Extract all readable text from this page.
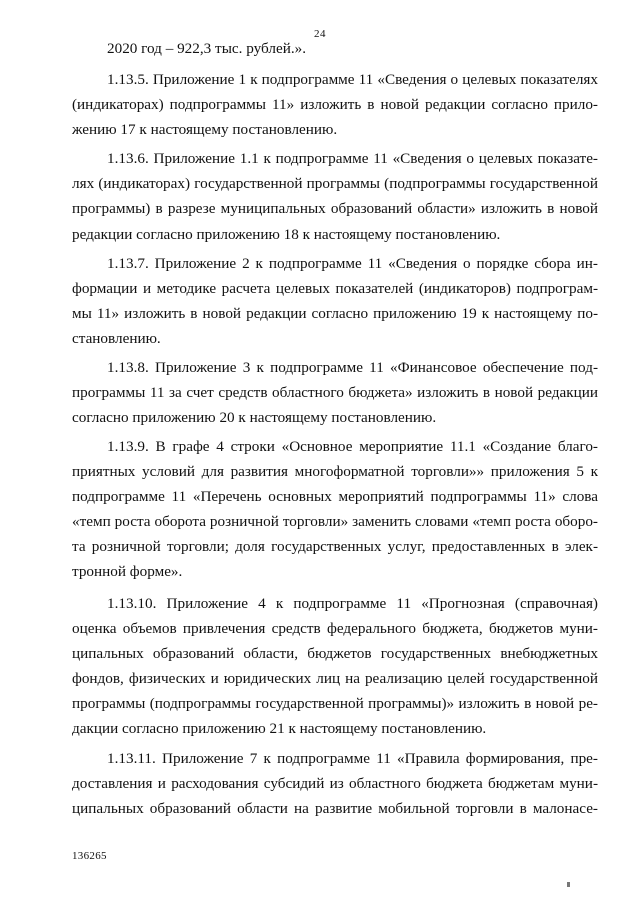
24
2020 год – 922,3 тыс. рублей.».
1.13.5. Приложение 1 к подпрограмме 11 «Сведения о целевых показателях
(индикаторах) подпрограммы 11» изложить в новой редакции согласно прило-
жению 17 к настоящему постановлению.
1.13.6. Приложение 1.1 к подпрограмме 11 «Сведения о целевых показате-
лях (индикаторах) государственной программы (подпрограммы государственной
программы) в разрезе муниципальных образований области» изложить в новой
редакции согласно приложению 18 к настоящему постановлению.
1.13.7. Приложение 2 к подпрограмме 11 «Сведения о порядке сбора ин-
формации и методике расчета целевых показателей (индикаторов) подпрограм-
мы 11» изложить в новой редакции согласно приложению 19 к настоящему по-
становлению.
1.13.8. Приложение 3 к подпрограмме 11 «Финансовое обеспечение под-
программы 11 за счет средств областного бюджета» изложить в новой редакции
согласно приложению 20 к настоящему постановлению.
1.13.9. В графе 4 строки «Основное мероприятие 11.1 «Создание благо-
приятных условий для развития многоформатной торговли»» приложения 5 к
подпрограмме 11 «Перечень основных мероприятий подпрограммы 11» слова
«темп роста оборота розничной торговли» заменить словами «темп роста оборо-
та розничной торговли; доля государственных услуг, предоставленных в элек-
тронной форме».
1.13.10. Приложение 4 к подпрограмме 11 «Прогнозная (справочная)
оценка объемов привлечения средств федерального бюджета, бюджетов муни-
ципальных образований области, бюджетов государственных внебюджетных
фондов, физических и юридических лиц на реализацию целей государственной
программы (подпрограммы государственной программы)» изложить в новой ре-
дакции согласно приложению 21 к настоящему постановлению.
1.13.11. Приложение 7 к подпрограмме 11 «Правила формирования, пре-
доставления и расходования субсидий из областного бюджета бюджетам муни-
ципальных образований области на развитие мобильной торговли в малонасе-
136265
